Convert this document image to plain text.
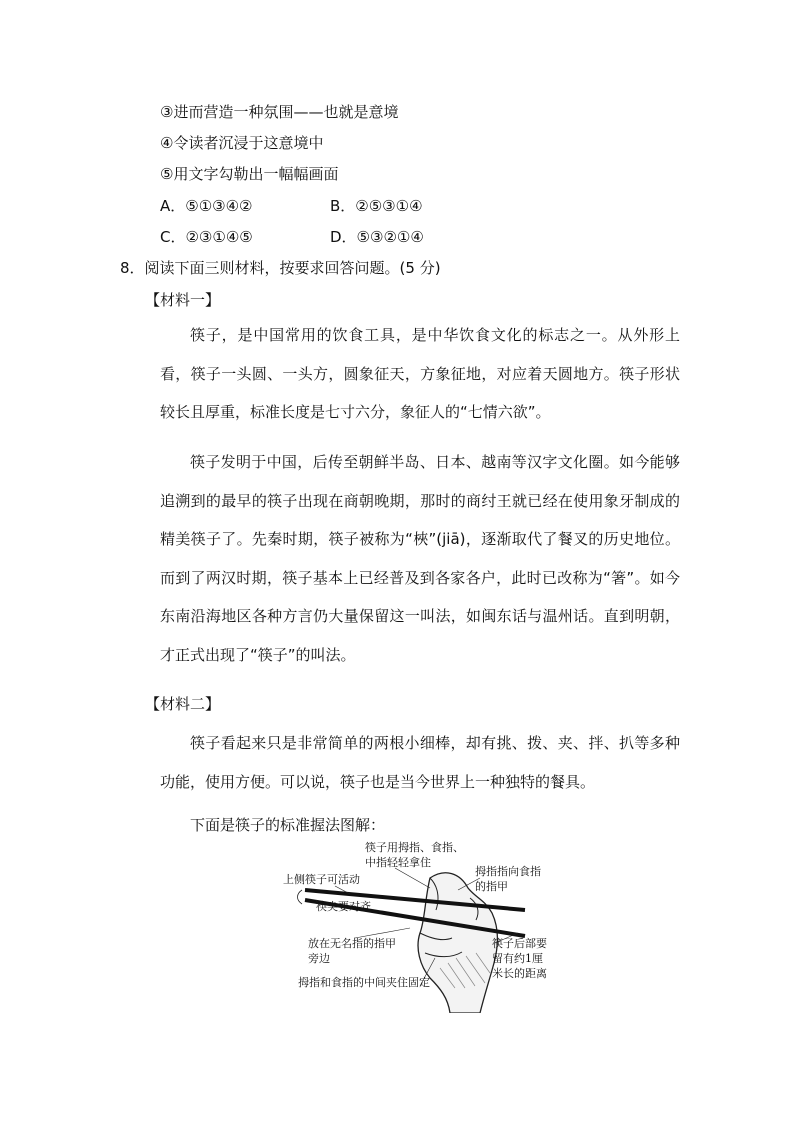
③进而营造一种氛围——也就是意境
④令读者沉浸于这意境中
⑤用文字勾勒出一幅幅画面
A．⑤①③④②	B．②⑤③①④
C．②③①④⑤	D．⑤③②①④
8．阅读下面三则材料，按要求回答问题。(5 分)
【材料一】
筷子，是中国常用的饮食工具，是中华饮食文化的标志之一。从外形上看，筷子一头圆、一头方，圆象征天，方象征地，对应着天圆地方。筷子形状较长且厚重，标准长度是七寸六分，象征人的“七情六欲”。
筷子发明于中国，后传至朝鲜半岛、日本、越南等汉字文化圈。如今能够追溯到的最早的筷子出现在商朝晚期，那时的商纣王就已经在使用象牙制成的精美筷子了。先秦时期，筷子被称为“梜”(jiā)，逐渐取代了餐叉的历史地位。而到了两汉时期，筷子基本上已经普及到各家各户，此时已改称为“箸”。如今东南沿海地区各种方言仍大量保留这一叫法，如闽东话与温州话。直到明朝，才正式出现了“筷子”的叫法。
【材料二】
筷子看起来只是非常简单的两根小细棒，却有挑、拨、夹、拌、扒等多种功能，使用方便。可以说，筷子也是当今世界上一种独特的餐具。
下面是筷子的标准握法图解：
筷子用拇指、食指、
中指轻轻拿住
拇指指向食指
的指甲
上侧筷子可活动
筷尖要对齐
放在无名指的指甲
旁边
筷子后部要
留有约1厘
米长的距离
拇指和食指的中间夹住固定
